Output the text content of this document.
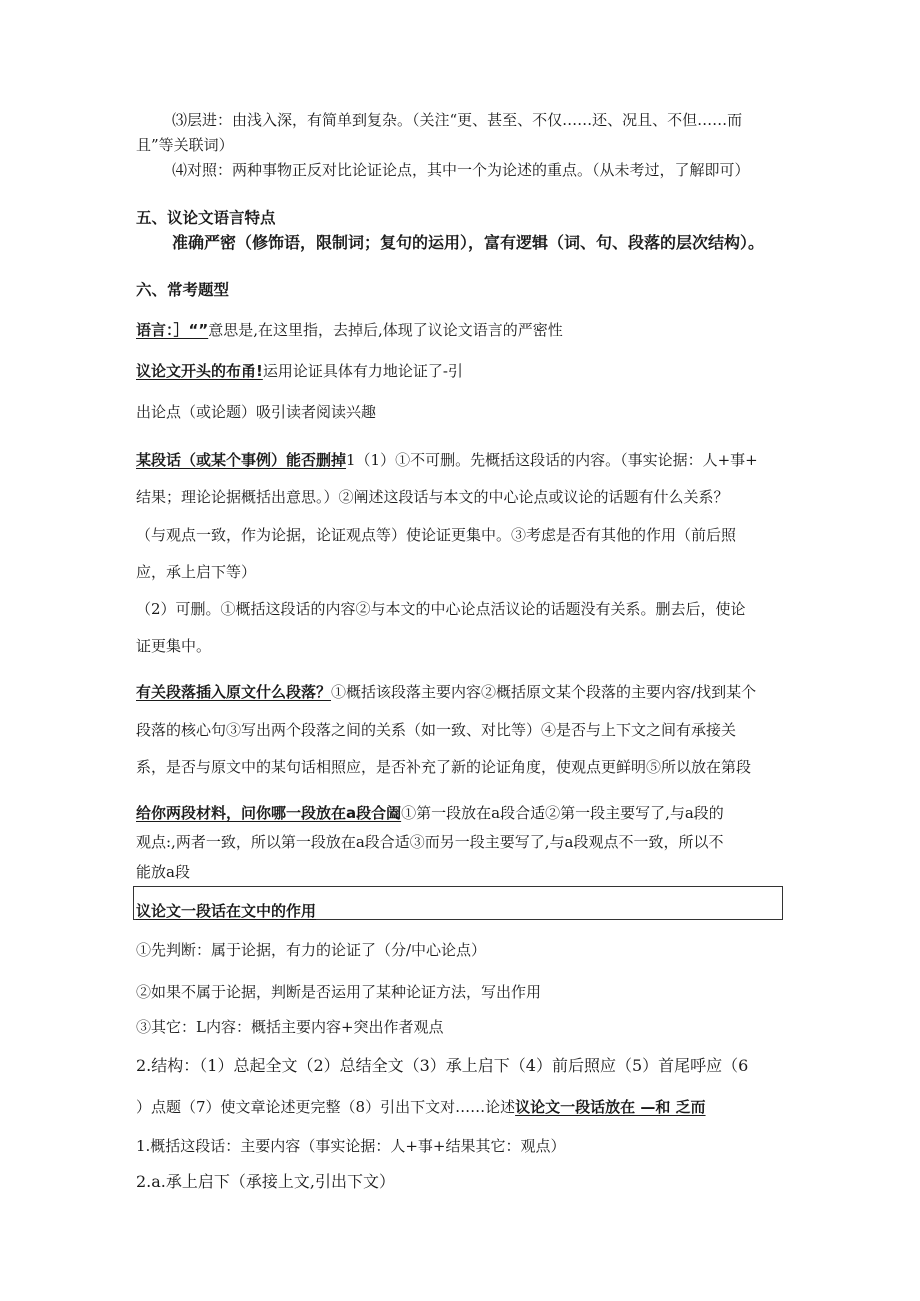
⑶层进：由浅入深，有简单到复杂。（关注“更、甚至、不仅……还、况且、不但……而
且”等关联词）
⑷对照：两种事物正反对比论证论点，其中一个为论述的重点。（从未考过，了解即可）
五、议论文语言特点
准确严密（修饰语，限制词；复句的运用），富有逻辑（词、句、段落的层次结构）。
六、常考题型
语言：］“”意思是,在这里指，去掉后,体现了议论文语言的严密性
议论文开头的布甬!运用论证具体有力地论证了-引
出论点（或论题）吸引读者阅读兴趣
某段话（或某个事例）能否删掉1（1）①不可删。先概括这段话的内容。（事实论据：人+事+
结果；理论论据概括出意思。）②阐述这段话与本文的中心论点或议论的话题有什么关系？
（与观点一致，作为论据，论证观点等）使论证更集中。③考虑是否有其他的作用（前后照
应，承上启下等）
（2）可删。①概括这段话的内容②与本文的中心论点活议论的话题没有关系。删去后，使论
证更集中。
有关段落插入原文什么段落？①概括该段落主要内容②概括原文某个段落的主要内容/找到某个
段落的核心句③写出两个段落之间的关系（如一致、对比等）④是否与上下文之间有承接关
系，是否与原文中的某句话相照应，是否补充了新的论证角度，使观点更鲜明⑤所以放在第段
给你两段材料，问你哪一段放在a段合阖①第一段放在a段合适②第一段主要写了,与a段的
观点:,两者一致，所以第一段放在a段合适③而另一段主要写了,与a段观点不一致，所以不
能放a段
议论文一段话在文中的作用
①先判断：属于论据，有力的论证了（分/中心论点）
②如果不属于论据，判断是否运用了某种论证方法，写出作用
③其它：L内容：概括主要内容+突出作者观点
2.结构：（1）总起全文（2）总结全文（3）承上启下（4）前后照应（5）首尾呼应（6
）点题（7）使文章论述更完整（8）引出下文对……论述议论文一段话放在 —和 乏而
1.概括这段话：主要内容（事实论据：人+事+结果其它：观点）
2.a.承上启下（承接上文,引出下文）
